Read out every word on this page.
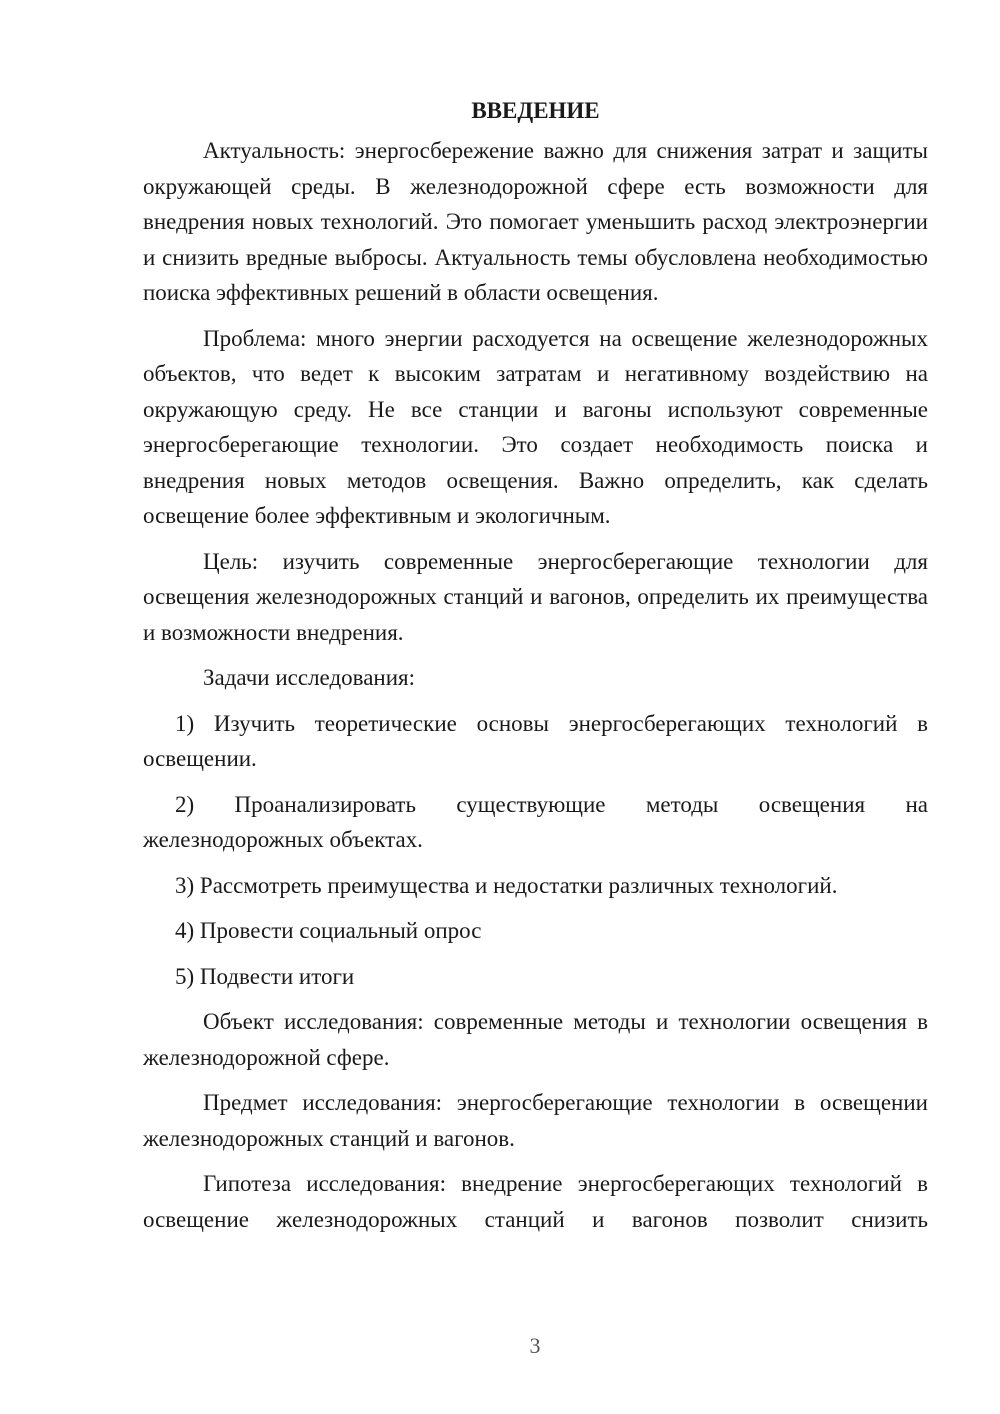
ВВЕДЕНИЕ

Актуальность: энергосбережение важно для снижения затрат и защиты окружающей среды. В железнодорожной сфере есть возможности для внедрения новых технологий. Это помогает уменьшить расход электроэнергии и снизить вредные выбросы. Актуальность темы обусловлена необходимостью поиска эффективных решений в области освещения.

Проблема: много энергии расходуется на освещение железнодорожных объектов, что ведет к высоким затратам и негативному воздействию на окружающую среду. Не все станции и вагоны используют современные энергосберегающие технологии. Это создает необходимость поиска и внедрения новых методов освещения. Важно определить, как сделать освещение более эффективным и экологичным.

Цель: изучить современные энергосберегающие технологии для освещения железнодорожных станций и вагонов, определить их преимущества и возможности внедрения.

Задачи исследования:

1) Изучить теоретические основы энергосберегающих технологий в освещении.

2) Проанализировать существующие методы освещения на железнодорожных объектах.

3) Рассмотреть преимущества и недостатки различных технологий.

4) Провести социальный опрос

5) Подвести итоги

Объект исследования: современные методы и технологии освещения в железнодорожной сфере.

Предмет исследования: энергосберегающие технологии в освещении железнодорожных станций и вагонов.

Гипотеза исследования: внедрение энергосберегающих технологий в освещение железнодорожных станций и вагонов позволит снизить

3
